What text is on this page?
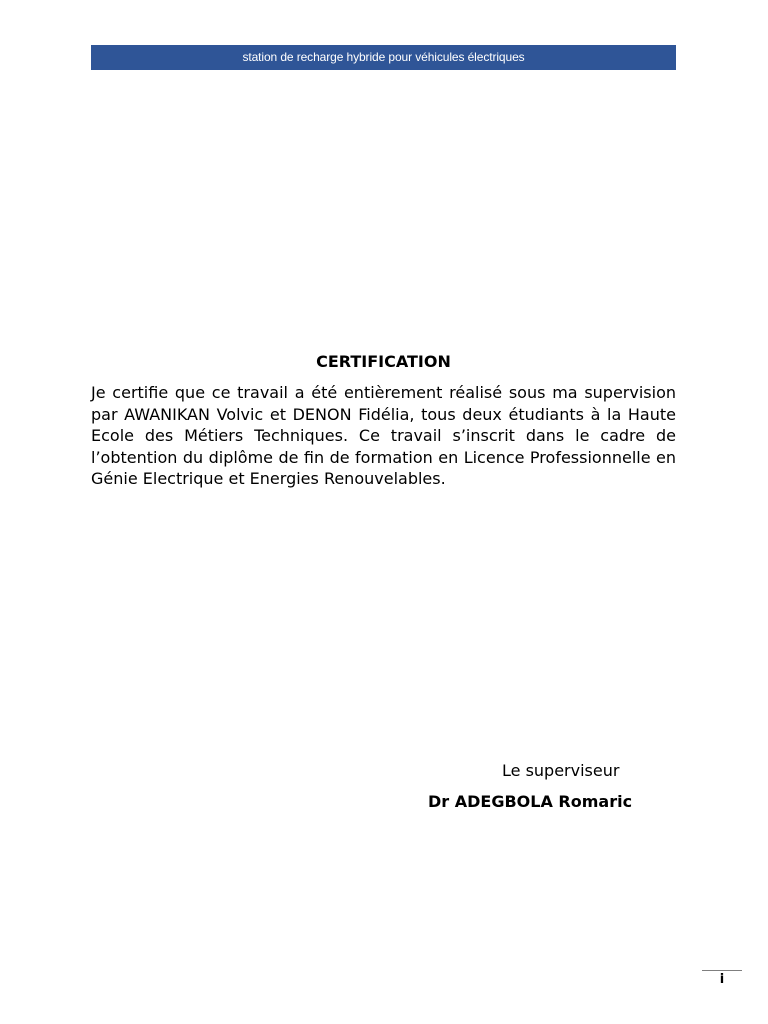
station de recharge hybride pour véhicules électriques
CERTIFICATION

Je certifie que ce travail a été entièrement réalisé sous ma supervision par AWANIKAN Volvic et DENON Fidélia, tous deux étudiants à la Haute Ecole des Métiers Techniques. Ce travail s’inscrit dans le cadre de l’obtention du diplôme de fin de formation en Licence Professionnelle en Génie Electrique et Energies Renouvelables.

Le superviseur
Dr ADEGBOLA Romaric
i
